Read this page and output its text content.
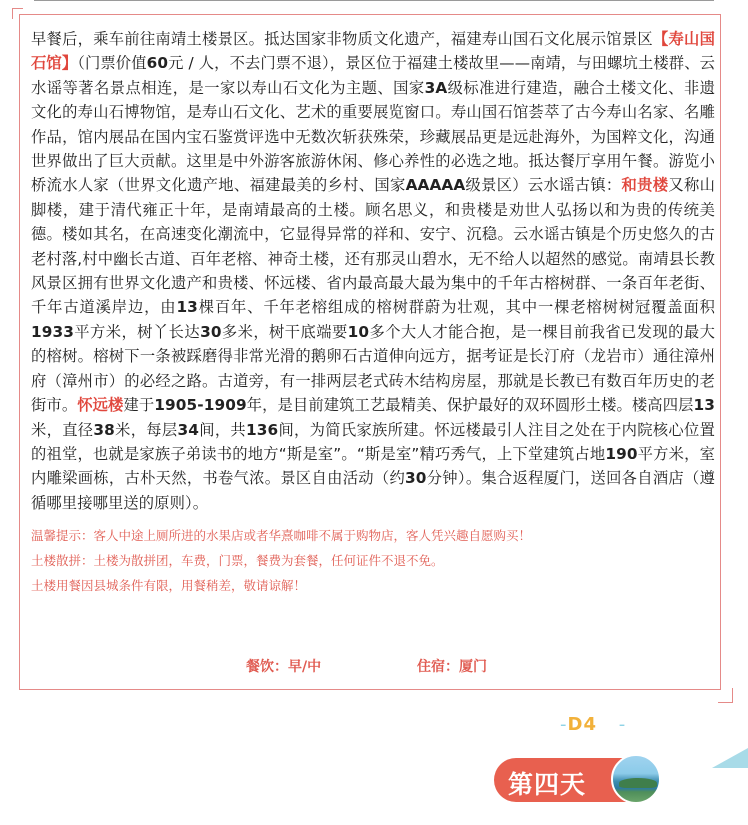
早餐后，乘车前往南靖土楼景区。抵达国家非物质文化遗产，福建寿山国石文化展示馆景区【寿山国石馆】（门票价值60元 / 人，不去门票不退），景区位于福建土楼故里——南靖，与田螺坑土楼群、云水谣等著名景点相连，是一家以寿山石文化为主题、国家3A级标准进行建造，融合土楼文化、非遗文化的寿山石博物馆，是寿山石文化、艺术的重要展览窗口。寿山国石馆荟萃了古今寿山名家、名雕作品，馆内展品在国内宝石鉴赏评选中无数次斩获殊荣，珍藏展品更是远赴海外，为国粹文化，沟通世界做出了巨大贡献。这里是中外游客旅游休闲、修心养性的必选之地。抵达餐厅享用午餐。游览小桥流水人家（世界文化遗产地、福建最美的乡村、国家AAAAA级景区）云水谣古镇：和贵楼又称山脚楼，建于清代雍正十年，是南靖最高的土楼。顾名思义，和贵楼是劝世人弘扬以和为贵的传统美德。楼如其名，在高速变化潮流中，它显得异常的祥和、安宁、沉稳。云水谣古镇是个历史悠久的古老村落,村中幽长古道、百年老榕、神奇土楼，还有那灵山碧水，无不给人以超然的感觉。南靖县长教风景区拥有世界文化遗产和贵楼、怀远楼、省内最高最大最为集中的千年古榕树群、一条百年老街、千年古道溪岸边，由13棵百年、千年老榕组成的榕树群蔚为壮观，其中一棵老榕树树冠覆盖面积1933平方米，树丫长达30多米，树干底端要10多个大人才能合抱，是一棵目前我省已发现的最大的榕树。榕树下一条被踩磨得非常光滑的鹅卵石古道伸向远方，据考证是长汀府（龙岩市）通往漳州府（漳州市）的必经之路。古道旁，有一排两层老式砖木结构房屋，那就是长教已有数百年历史的老街市。怀远楼建于1905-1909年，是目前建筑工艺最精美、保护最好的双环圆形土楼。楼高四层13米，直径38米，每层34间，共136间，为简氏家族所建。怀远楼最引人注目之处在于内院核心位置的祖堂，也就是家族子弟读书的地方“斯是室”。“斯是室”精巧秀气，上下堂建筑占地190平方米，室内雕梁画栋，古朴天然，书卷气浓。景区自由活动（约30分钟）。集合返程厦门，送回各自酒店（遵循哪里接哪里送的原则）。

温馨提示：客人中途上厕所进的水果店或者华熹咖啡不属于购物店，客人凭兴趣自愿购买！

土楼散拼：土楼为散拼团，车费，门票，餐费为套餐，任何证件不退不免。

土楼用餐因县城条件有限，用餐稍差，敬请谅解！

餐饮：早/中	住宿：厦门
-D4 -
第四天
